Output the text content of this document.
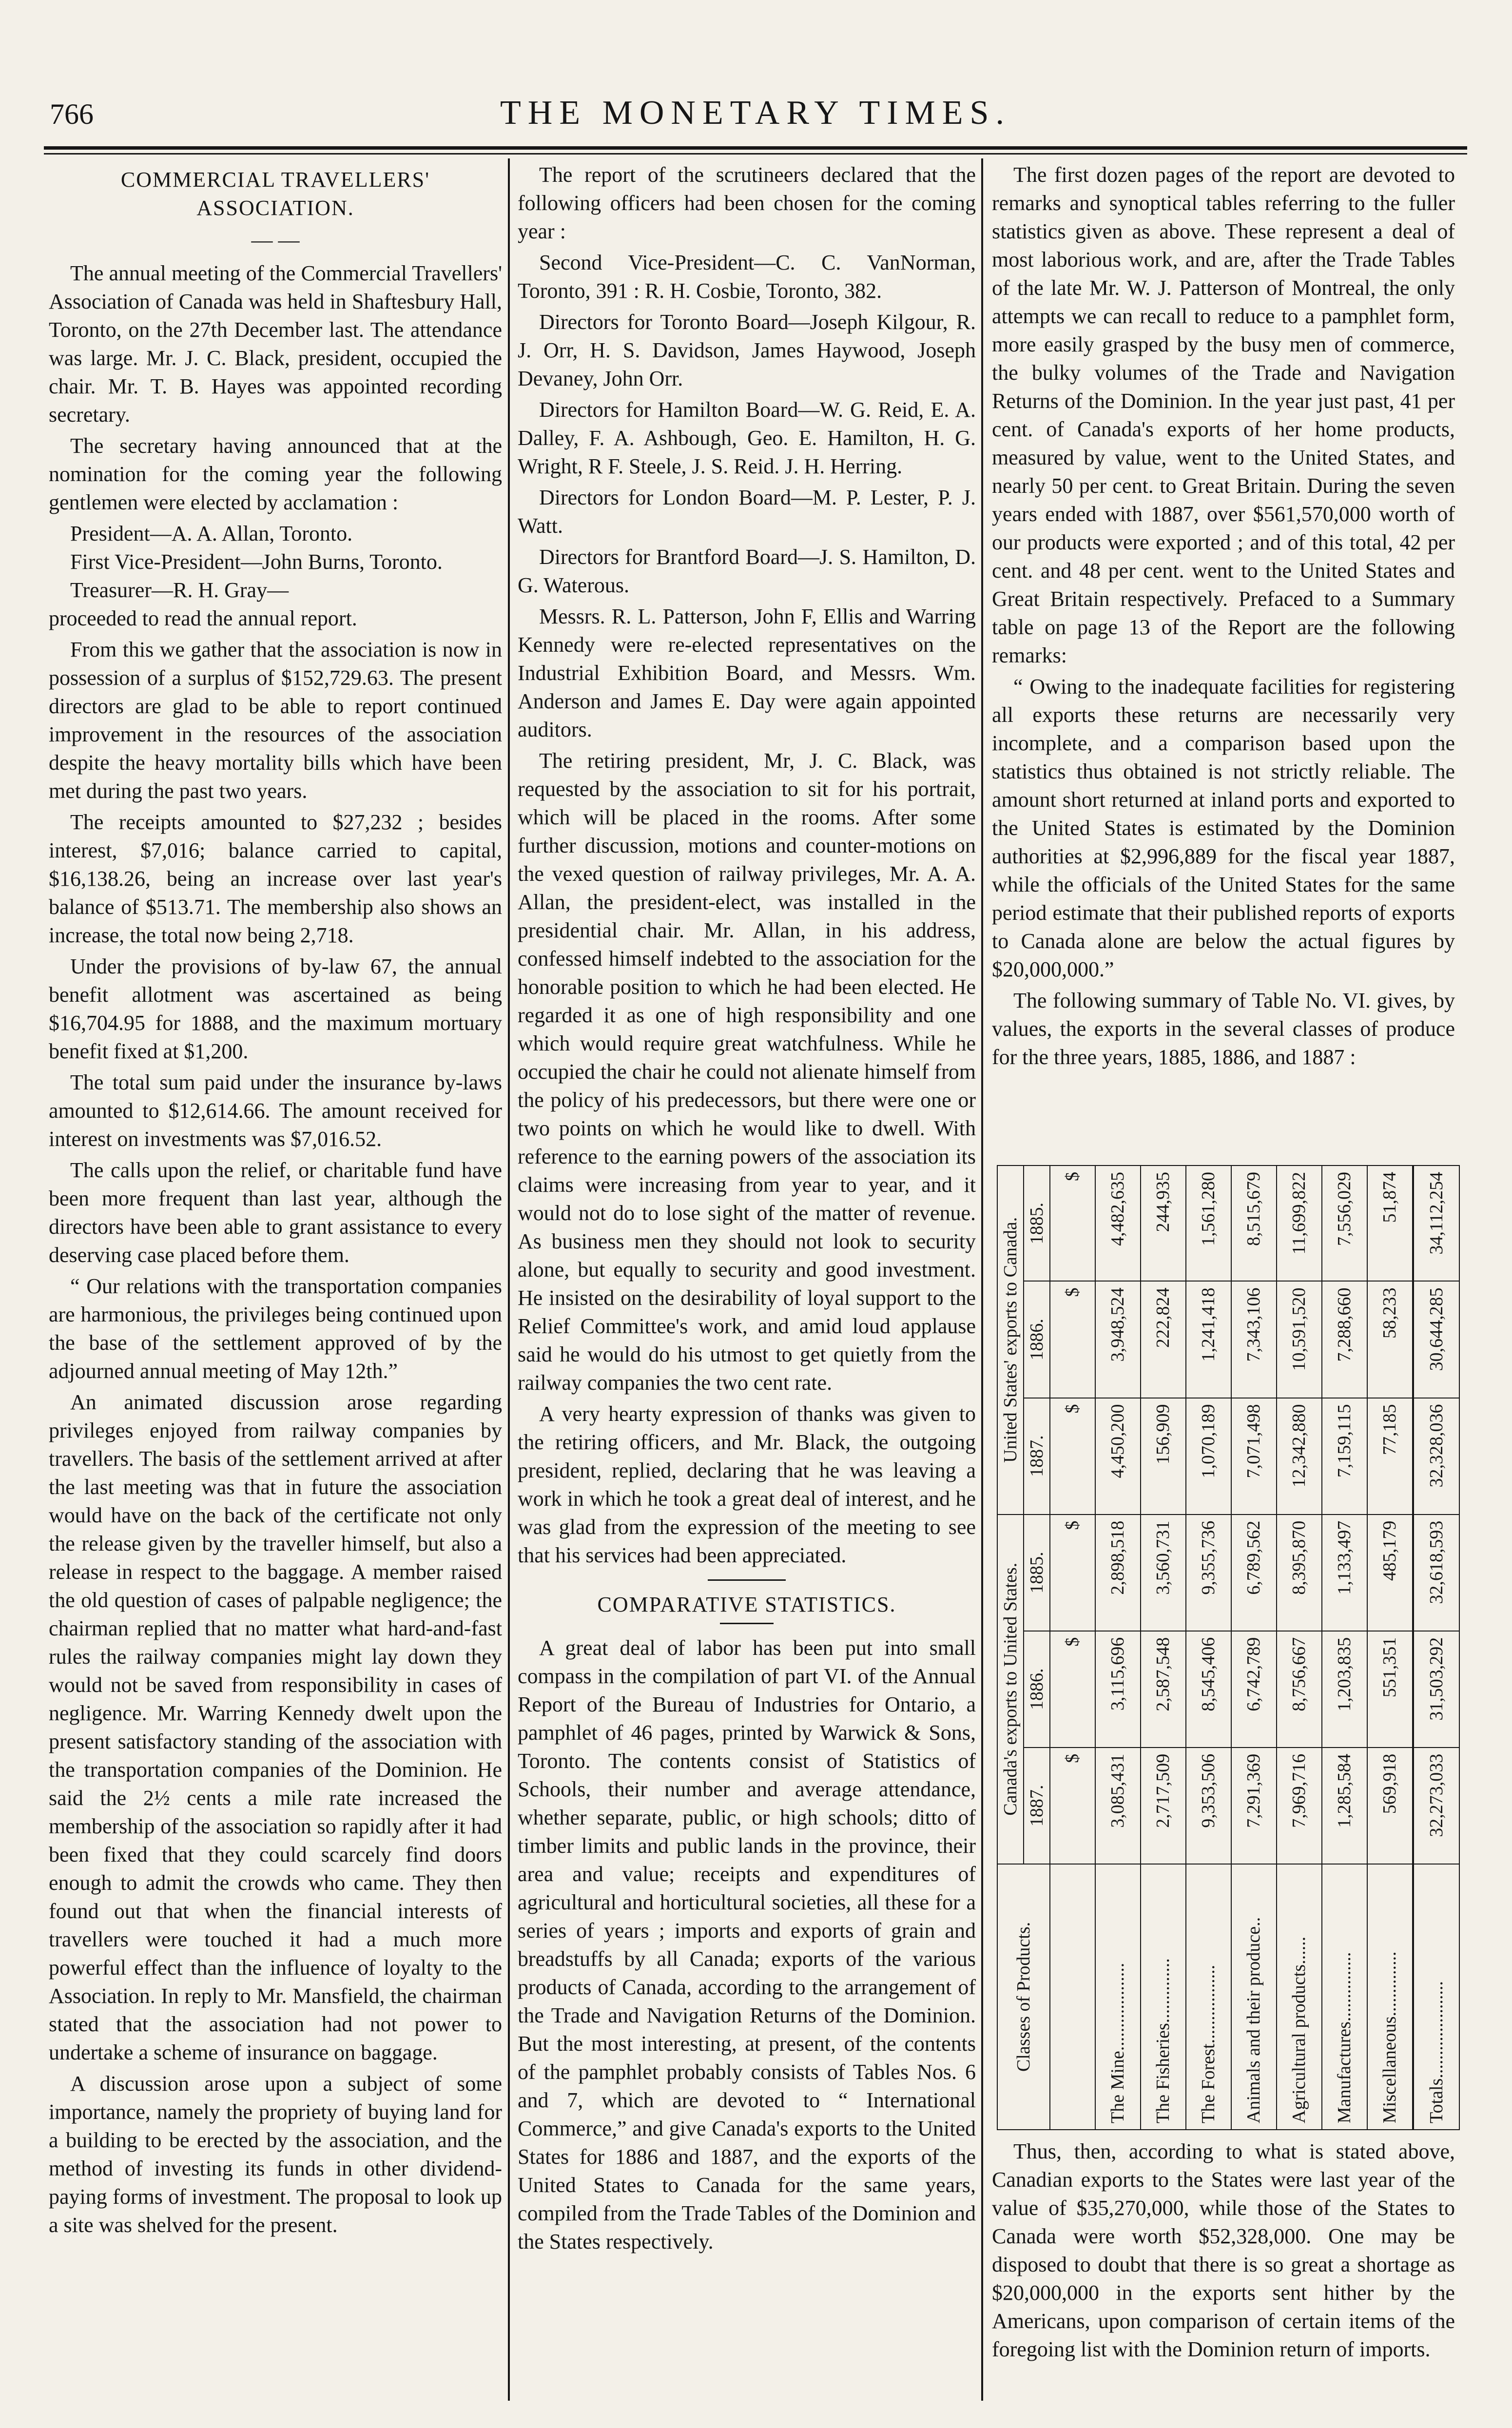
766	THE MONETARY TIMES.
COMMERCIAL TRAVELLERS'
ASSOCIATION.
— —

The annual meeting of the Commercial Travellers' Association of Canada was held in Shaftesbury Hall, Toronto, on the 27th December last. The attendance was large. Mr. J. C. Black, president, occupied the chair. Mr. T. B. Hayes was appointed recording secretary.

The secretary having announced that at the nomination for the coming year the following gentlemen were elected by acclamation :

President—A. A. Allan, Toronto.

First Vice-President—John Burns, Toronto.

Treasurer—R. H. Gray—

proceeded to read the annual report.

From this we gather that the association is now in possession of a surplus of $152,729.63. The present directors are glad to be able to report continued improvement in the resources of the association despite the heavy mortality bills which have been met during the past two years.

The receipts amounted to $27,232 ; besides interest, $7,016; balance carried to capital, $16,138.26, being an increase over last year's balance of $513.71. The membership also shows an increase, the total now being 2,718.

Under the provisions of by-law 67, the annual benefit allotment was ascertained as being $16,704.95 for 1888, and the maximum mortuary benefit fixed at $1,200.

The total sum paid under the insurance by-laws amounted to $12,614.66. The amount received for interest on investments was $7,016.52.

The calls upon the relief, or charitable fund have been more frequent than last year, although the directors have been able to grant assistance to every deserving case placed before them.

“ Our relations with the transportation companies are harmonious, the privileges being continued upon the base of the settlement approved of by the adjourned annual meeting of May 12th.”

An animated discussion arose regarding privileges enjoyed from railway companies by travellers. The basis of the settlement arrived at after the last meeting was that in future the association would have on the back of the certificate not only the release given by the traveller himself, but also a release in respect to the baggage. A member raised the old question of cases of palpable negligence; the chairman replied that no matter what hard-and-fast rules the railway companies might lay down they would not be saved from responsibility in cases of negligence. Mr. Warring Kennedy dwelt upon the present satisfactory standing of the association with the transportation companies of the Dominion. He said the 2½ cents a mile rate increased the membership of the association so rapidly after it had been fixed that they could scarcely find doors enough to admit the crowds who came. They then found out that when the financial interests of travellers were touched it had a much more powerful effect than the influence of loyalty to the Association. In reply to Mr. Mansfield, the chairman stated that the association had not power to undertake a scheme of insurance on baggage.

A discussion arose upon a subject of some importance, namely the propriety of buying land for a building to be erected by the association, and the method of investing its funds in other dividend-paying forms of investment. The proposal to look up a site was shelved for the present.

The report of the scrutineers declared that the following officers had been chosen for the coming year :

Second Vice-President—C. C. VanNorman, Toronto, 391 : R. H. Cosbie, Toronto, 382.

Directors for Toronto Board—Joseph Kilgour, R. J. Orr, H. S. Davidson, James Haywood, Joseph Devaney, John Orr.

Directors for Hamilton Board—W. G. Reid, E. A. Dalley, F. A. Ashbough, Geo. E. Hamilton, H. G. Wright, R F. Steele, J. S. Reid. J. H. Herring.

Directors for London Board—M. P. Lester, P. J. Watt.

Directors for Brantford Board—J. S. Hamilton, D. G. Waterous.

Messrs. R. L. Patterson, John F, Ellis and Warring Kennedy were re-elected representatives on the Industrial Exhibition Board, and Messrs. Wm. Anderson and James E. Day were again appointed auditors.

The retiring president, Mr, J. C. Black, was requested by the association to sit for his portrait, which will be placed in the rooms. After some further discussion, motions and counter-motions on the vexed question of railway privileges, Mr. A. A. Allan, the president-elect, was installed in the presidential chair. Mr. Allan, in his address, confessed himself indebted to the association for the honorable position to which he had been elected. He regarded it as one of high responsibility and one which would require great watchfulness. While he occupied the chair he could not alienate himself from the policy of his predecessors, but there were one or two points on which he would like to dwell. With reference to the earning powers of the association its claims were increasing from year to year, and it would not do to lose sight of the matter of revenue. As business men they should not look to security alone, but equally to security and good investment. He insisted on the desirability of loyal support to the Relief Committee's work, and amid loud applause said he would do his utmost to get quietly from the railway companies the two cent rate.

A very hearty expression of thanks was given to the retiring officers, and Mr. Black, the outgoing president, replied, declaring that he was leaving a work in which he took a great deal of interest, and he was glad from the expression of the meeting to see that his services had been appreciated.

COMPARATIVE STATISTICS.

A great deal of labor has been put into small compass in the compilation of part VI. of the Annual Report of the Bureau of Industries for Ontario, a pamphlet of 46 pages, printed by Warwick & Sons, Toronto. The contents consist of Statistics of Schools, their number and average attendance, whether separate, public, or high schools; ditto of timber limits and public lands in the province, their area and value; receipts and expenditures of agricultural and horticultural societies, all these for a series of years ; imports and exports of grain and breadstuffs by all Canada; exports of the various products of Canada, according to the arrangement of the Trade and Navigation Returns of the Dominion. But the most interesting, at present, of the contents of the pamphlet probably consists of Tables Nos. 6 and 7, which are devoted to “ International Commerce,” and give Canada's exports to the United States for 1886 and 1887, and the exports of the United States to Canada for the same years, compiled from the Trade Tables of the Dominion and the States respectively.

The first dozen pages of the report are devoted to remarks and synoptical tables referring to the fuller statistics given as above. These represent a deal of most laborious work, and are, after the Trade Tables of the late Mr. W. J. Patterson of Montreal, the only attempts we can recall to reduce to a pamphlet form, more easily grasped by the busy men of commerce, the bulky volumes of the Trade and Navigation Returns of the Dominion. In the year just past, 41 per cent. of Canada's exports of her home products, measured by value, went to the United States, and nearly 50 per cent. to Great Britain. During the seven years ended with 1887, over $561,570,000 worth of our products were exported ; and of this total, 42 per cent. and 48 per cent. went to the United States and Great Britain respectively. Prefaced to a Summary table on page 13 of the Report are the following remarks:

“ Owing to the inadequate facilities for registering all exports these returns are necessarily very incomplete, and a comparison based upon the statistics thus obtained is not strictly reliable. The amount short returned at inland ports and exported to the United States is estimated by the Dominion authorities at $2,996,889 for the fiscal year 1887, while the officials of the United States for the same period estimate that their published reports of exports to Canada alone are below the actual figures by $20,000,000.”

The following summary of Table No. VI. gives, by values, the exports in the several classes of produce for the three years, 1885, 1886, and 1887 :

Classes of Products.	Canada's exports to United States.			United States' exports to Canada.		
	1887.	1886.	1885.	1887.	1886.	1885.
	$	$	$	$	$	$
The Mine...................	3,085,431	3,115,696	2,898,518	4,450,200	3,948,524	4,482,635
The Fisheries..............	2,717,509	2,587,548	3,560,731	156,909	222,824	244,935
The Forest.................	9,353,506	8,545,406	9,355,736	1,070,189	1,241,418	1,561,280
Animals and their produce..	7,291,369	6,742,789	6,789,562	7,071,498	7,343,106	8,515,679
Agricultural products......	7,969,716	8,756,667	8,395,870	12,342,880	10,591,520	11,699,822
Manufactures...............	1,285,584	1,203,835	1,133,497	7,159,115	7,288,660	7,556,029
Miscellaneous..............	569,918	551,351	485,179	77,185	58,233	51,874
Totals.....................	32,273,033	31,503,292	32,618,593	32,328,036	30,644,285	34,112,254

Thus, then, according to what is stated above, Canadian exports to the States were last year of the value of $35,270,000, while those of the States to Canada were worth $52,328,000. One may be disposed to doubt that there is so great a shortage as $20,000,000 in the exports sent hither by the Americans, upon comparison of certain items of the foregoing list with the Dominion return of imports.
